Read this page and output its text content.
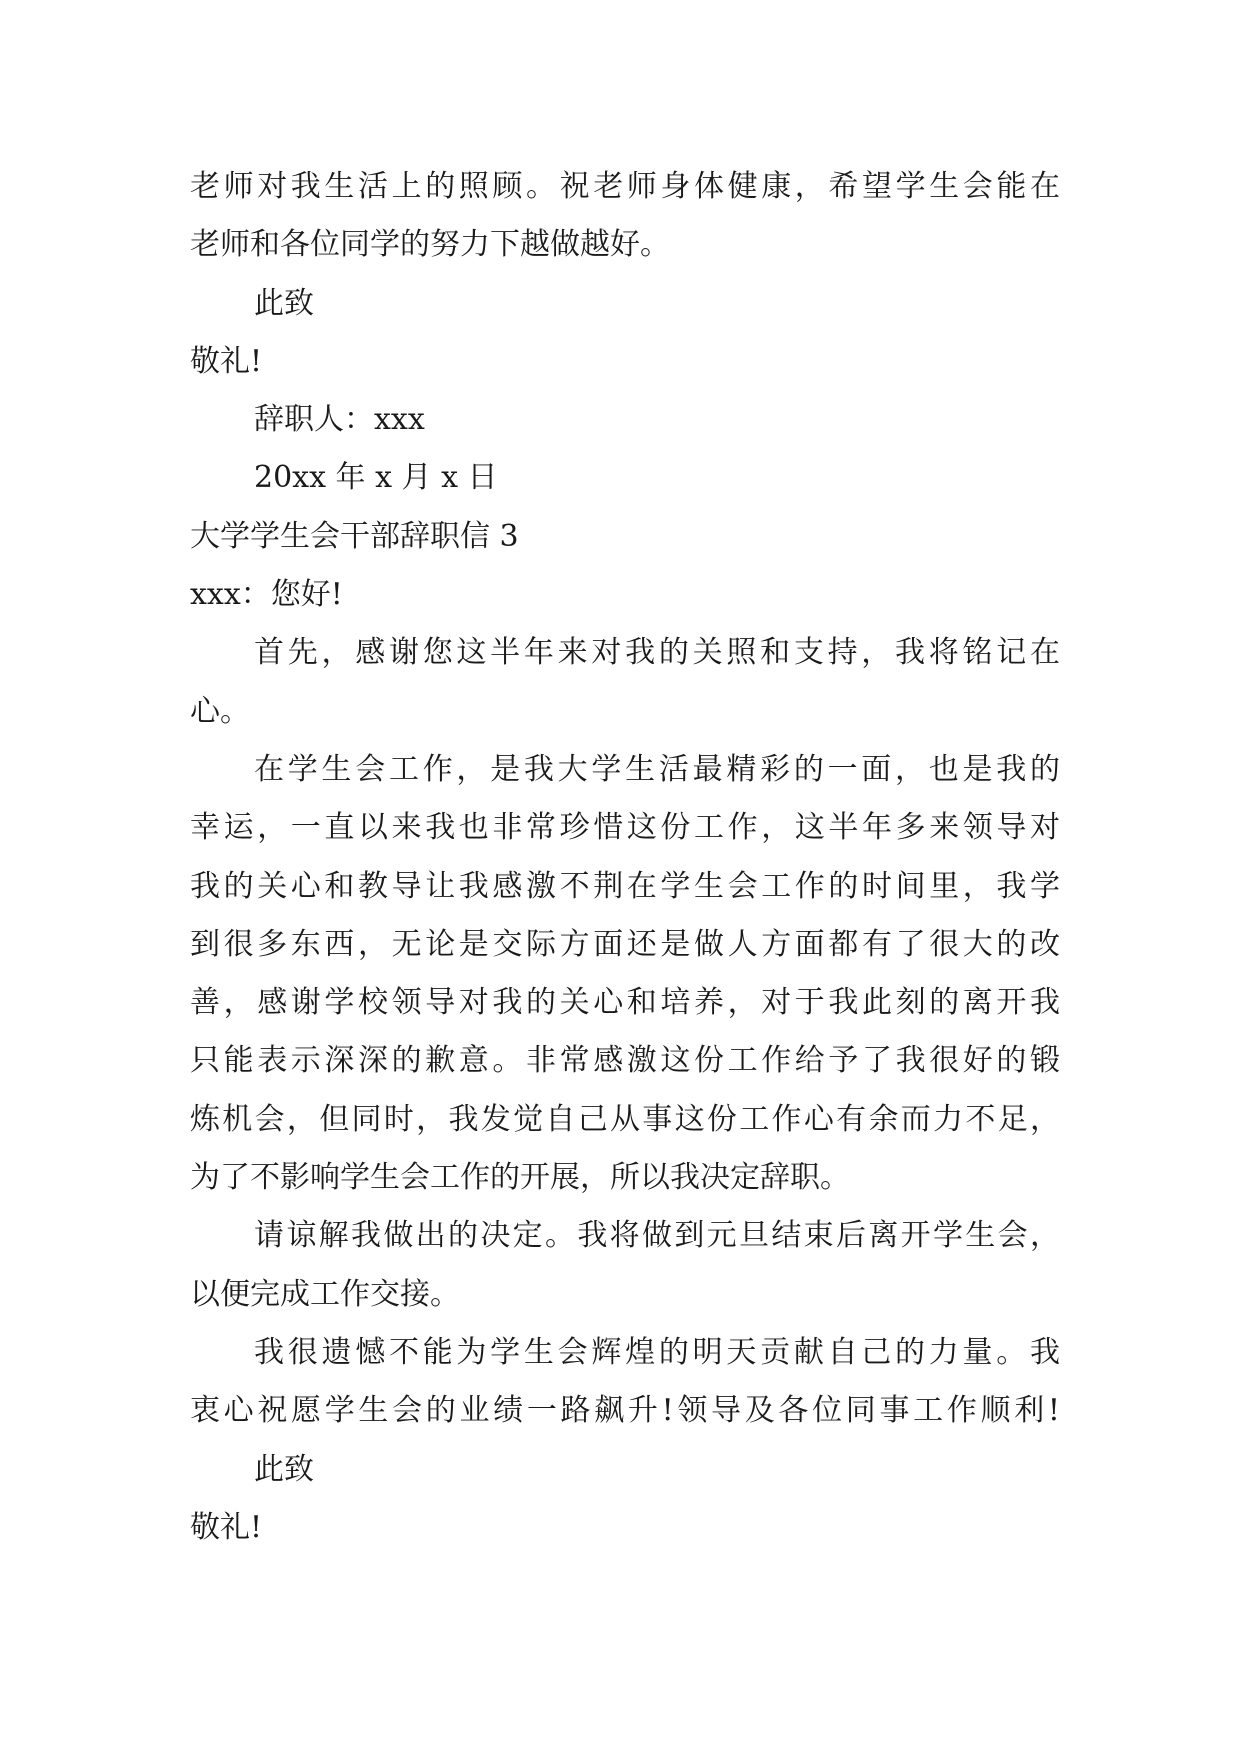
老师对我生活上的照顾。祝老师身体健康，希望学生会能在

老师和各位同学的努力下越做越好。

此致

敬礼!

辞职人：xxx

20xx 年 x 月 x 日

大学学生会干部辞职信 3

xxx：您好!

首先，感谢您这半年来对我的关照和支持，我将铭记在

心。

在学生会工作，是我大学生活最精彩的一面，也是我的

幸运，一直以来我也非常珍惜这份工作，这半年多来领导对

我的关心和教导让我感激不荆在学生会工作的时间里，我学

到很多东西，无论是交际方面还是做人方面都有了很大的改

善，感谢学校领导对我的关心和培养，对于我此刻的离开我

只能表示深深的歉意。非常感激这份工作给予了我很好的锻

炼机会，但同时，我发觉自己从事这份工作心有余而力不足，

为了不影响学生会工作的开展，所以我决定辞职。

请谅解我做出的决定。我将做到元旦结束后离开学生会，

以便完成工作交接。

我很遗憾不能为学生会辉煌的明天贡献自己的力量。我

衷心祝愿学生会的业绩一路飙升!领导及各位同事工作顺利!

此致

敬礼!
